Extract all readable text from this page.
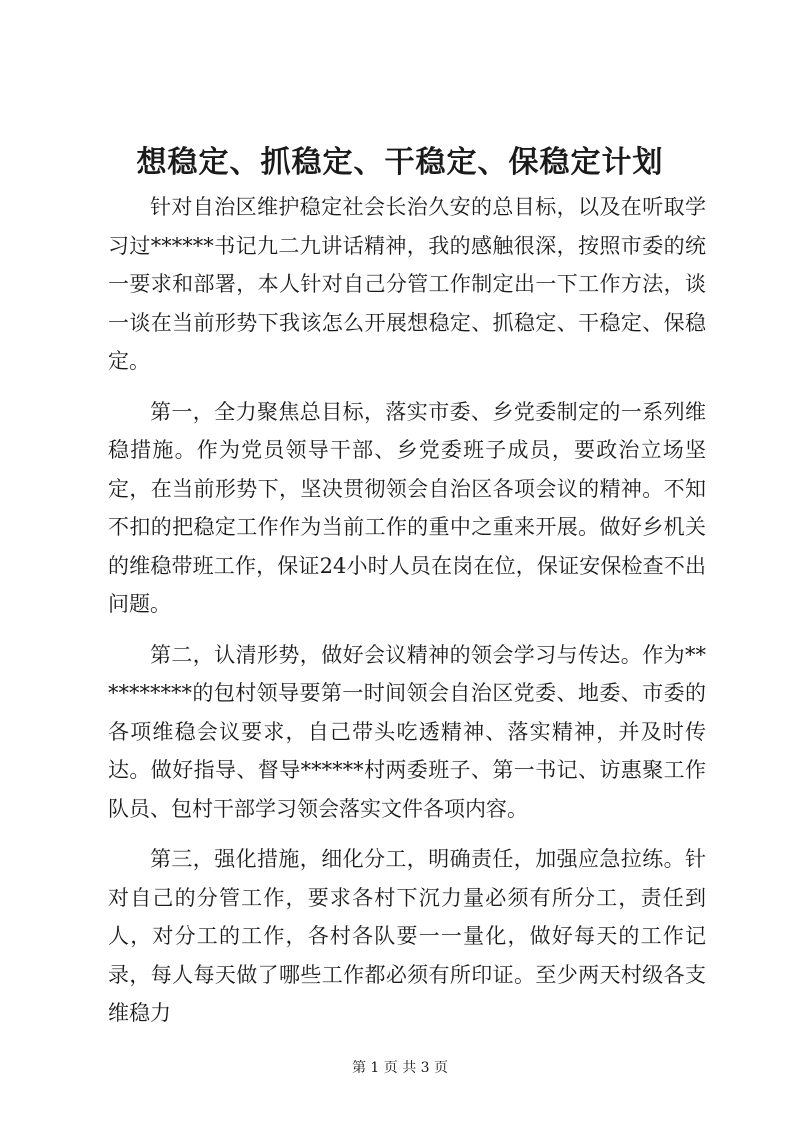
想稳定、抓稳定、干稳定、保稳定计划

针对自治区维护稳定社会长治久安的总目标，以及在听取学习过******书记九二九讲话精神，我的感触很深，按照市委的统一要求和部署，本人针对自己分管工作制定出一下工作方法，谈一谈在当前形势下我该怎么开展想稳定、抓稳定、干稳定、保稳定。

第一，全力聚焦总目标，落实市委、乡党委制定的一系列维稳措施。作为党员领导干部、乡党委班子成员，要政治立场坚定，在当前形势下，坚决贯彻领会自治区各项会议的精神。不知不扣的把稳定工作作为当前工作的重中之重来开展。做好乡机关的维稳带班工作，保证24小时人员在岗在位，保证安保检查不出问题。

第二，认清形势，做好会议精神的领会学习与传达。作为**********的包村领导要第一时间领会自治区党委、地委、市委的各项维稳会议要求，自己带头吃透精神、落实精神，并及时传达。做好指导、督导******村两委班子、第一书记、访惠聚工作队员、包村干部学习领会落实文件各项内容。

第三，强化措施，细化分工，明确责任，加强应急拉练。针对自己的分管工作，要求各村下沉力量必须有所分工，责任到人，对分工的工作，各村各队要一一量化，做好每天的工作记录，每人每天做了哪些工作都必须有所印证。至少两天村级各支维稳力

第 1 页 共 3 页
